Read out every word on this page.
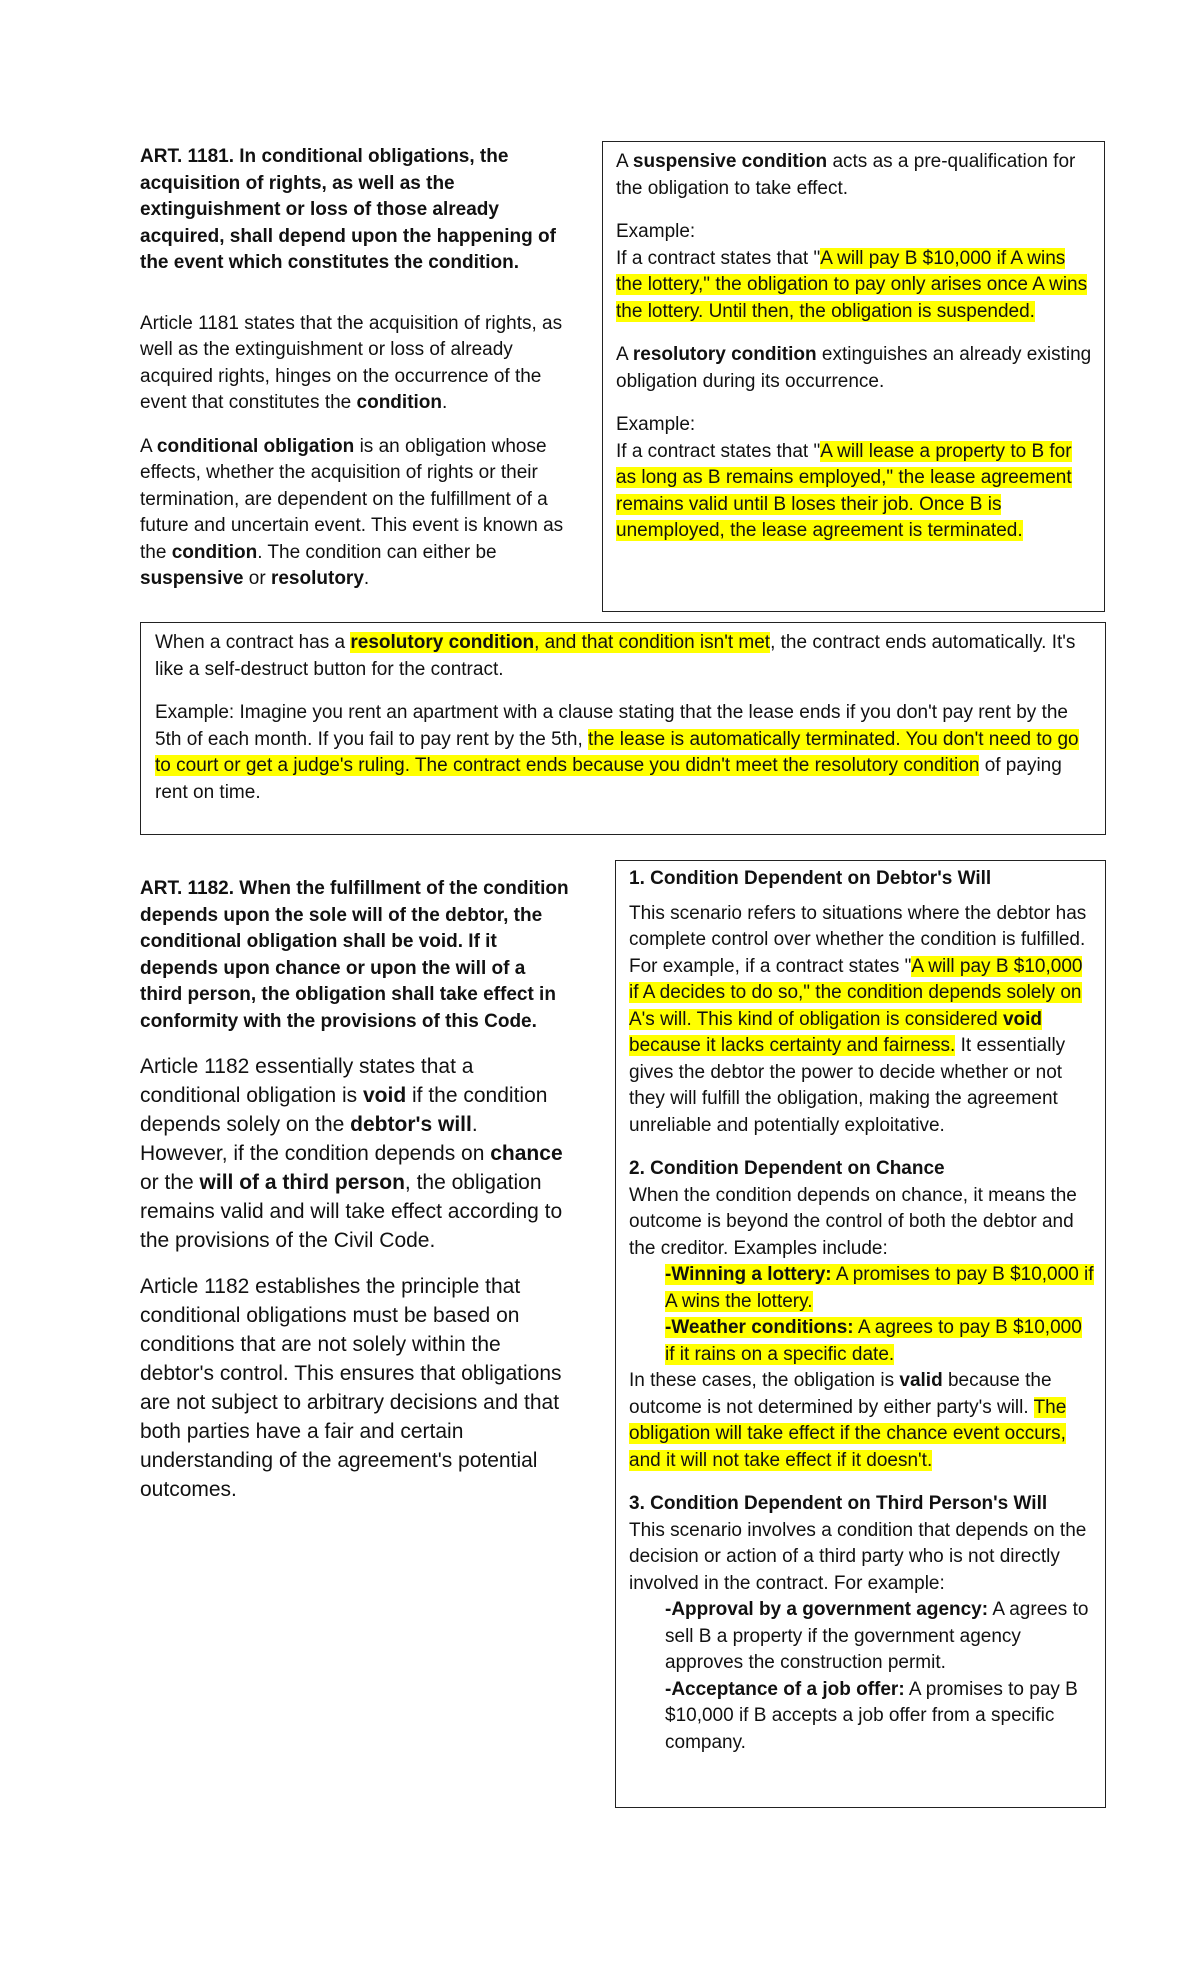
ART. 1181. In conditional obligations, the acquisition of rights, as well as the extinguishment or loss of those already acquired, shall depend upon the happening of the event which constitutes the condition.

Article 1181 states that the acquisition of rights, as well as the extinguishment or loss of already acquired rights, hinges on the occurrence of the event that constitutes the condition.

A conditional obligation is an obligation whose effects, whether the acquisition of rights or their termination, are dependent on the fulfillment of a future and uncertain event. This event is known as the condition. The condition can either be suspensive or resolutory.

A suspensive condition acts as a pre-qualification for the obligation to take effect.

Example:

If a contract states that "A will pay B $10,000 if A wins the lottery," the obligation to pay only arises once A wins the lottery. Until then, the obligation is suspended.

A resolutory condition extinguishes an already existing obligation during its occurrence.

Example:

If a contract states that "A will lease a property to B for as long as B remains employed," the lease agreement remains valid until B loses their job. Once B is unemployed, the lease agreement is terminated.

When a contract has a resolutory condition, and that condition isn't met, the contract ends automatically. It's like a self-destruct button for the contract.

Example: Imagine you rent an apartment with a clause stating that the lease ends if you don't pay rent by the 5th of each month. If you fail to pay rent by the 5th, the lease is automatically terminated. You don't need to go to court or get a judge's ruling. The contract ends because you didn't meet the resolutory condition of paying rent on time.

ART. 1182. When the fulfillment of the condition depends upon the sole will of the debtor, the conditional obligation shall be void. If it depends upon chance or upon the will of a third person, the obligation shall take effect in conformity with the provisions of this Code.

Article 1182 essentially states that a conditional obligation is void if the condition depends solely on the debtor's will. However, if the condition depends on chance or the will of a third person, the obligation remains valid and will take effect according to the provisions of the Civil Code.

Article 1182 establishes the principle that conditional obligations must be based on conditions that are not solely within the debtor's control. This ensures that obligations are not subject to arbitrary decisions and that both parties have a fair and certain understanding of the agreement's potential outcomes.

1. Condition Dependent on Debtor's Will

This scenario refers to situations where the debtor has complete control over whether the condition is fulfilled. For example, if a contract states "A will pay B $10,000 if A decides to do so," the condition depends solely on A's will. This kind of obligation is considered void because it lacks certainty and fairness. It essentially gives the debtor the power to decide whether or not they will fulfill the obligation, making the agreement unreliable and potentially exploitative.

2. Condition Dependent on Chance

When the condition depends on chance, it means the outcome is beyond the control of both the debtor and the creditor. Examples include:

-Winning a lottery: A promises to pay B $10,000 if A wins the lottery.

-Weather conditions: A agrees to pay B $10,000 if it rains on a specific date.

In these cases, the obligation is valid because the outcome is not determined by either party's will. The obligation will take effect if the chance event occurs, and it will not take effect if it doesn't.

3. Condition Dependent on Third Person's Will

This scenario involves a condition that depends on the decision or action of a third party who is not directly involved in the contract. For example:

-Approval by a government agency: A agrees to sell B a property if the government agency approves the construction permit.

-Acceptance of a job offer: A promises to pay B $10,000 if B accepts a job offer from a specific company.
